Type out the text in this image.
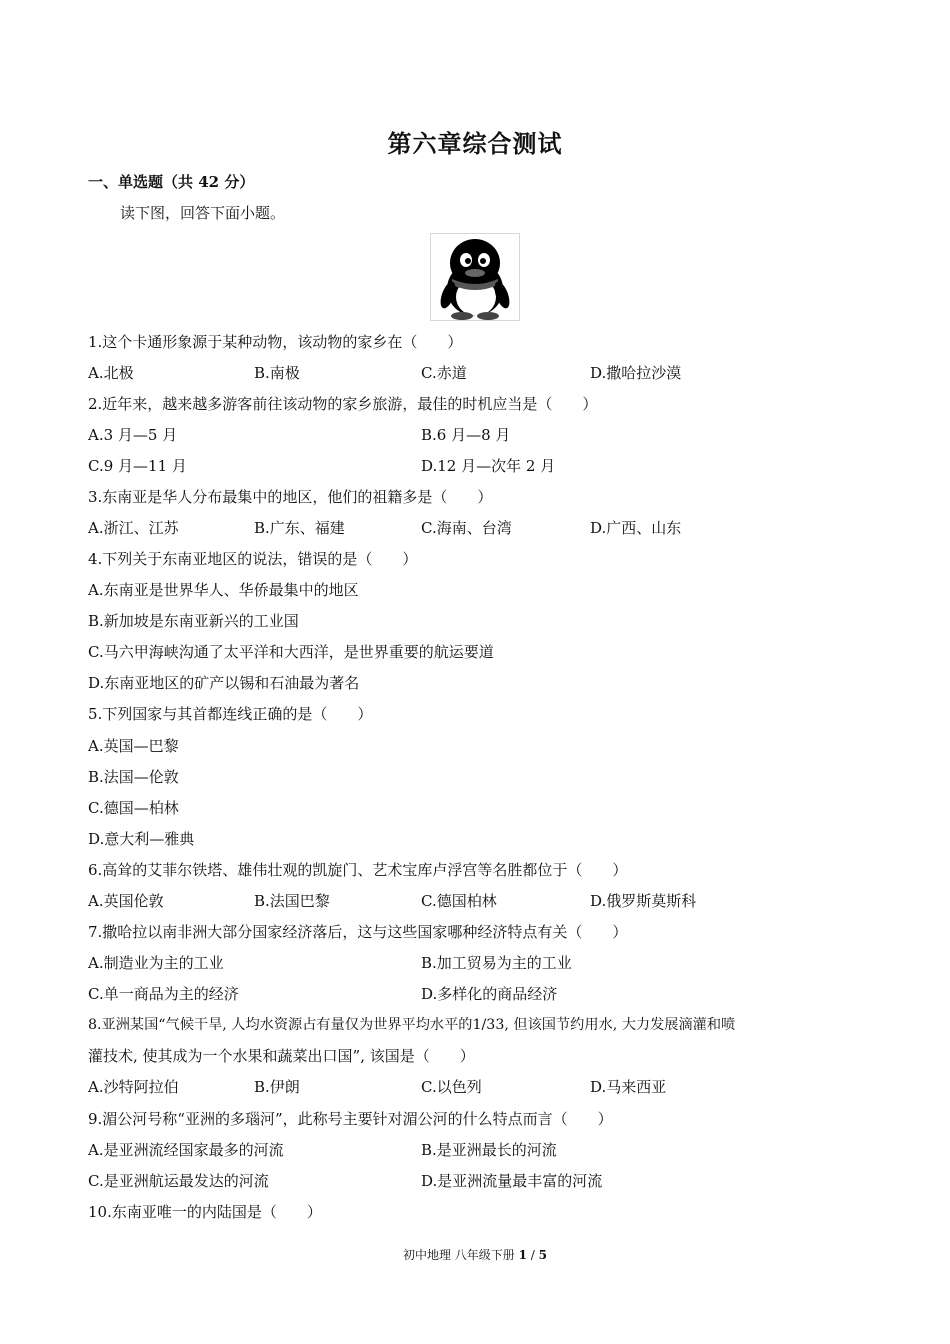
第六章综合测试
一、单选题（共 42 分）
读下图，回答下面小题。
1.这个卡通形象源于某种动物，该动物的家乡在（　　）
A.北极	B.南极	C.赤道	D.撒哈拉沙漠
2.近年来，越来越多游客前往该动物的家乡旅游，最佳的时机应当是（　　）
A.3 月—5 月	B.6 月—8 月
C.9 月—11 月	D.12 月—次年 2 月
3.东南亚是华人分布最集中的地区，他们的祖籍多是（　　）
A.浙江、江苏	B.广东、福建	C.海南、台湾	D.广西、山东
4.下列关于东南亚地区的说法，错误的是（　　）
A.东南亚是世界华人、华侨最集中的地区
B.新加坡是东南亚新兴的工业国
C.马六甲海峡沟通了太平洋和大西洋，是世界重要的航运要道
D.东南亚地区的矿产以锡和石油最为著名
5.下列国家与其首都连线正确的是（　　）
A.英国—巴黎
B.法国—伦敦
C.德国—柏林
D.意大利—雅典
6.高耸的艾菲尔铁塔、雄伟壮观的凯旋门、艺术宝库卢浮宫等名胜都位于（　　）
A.英国伦敦	B.法国巴黎	C.德国柏林	D.俄罗斯莫斯科
7.撒哈拉以南非洲大部分国家经济落后，这与这些国家哪种经济特点有关（　　）
A.制造业为主的工业	B.加工贸易为主的工业
C.单一商品为主的经济	D.多样化的商品经济
8.亚洲某国“气候干旱, 人均水资源占有量仅为世界平均水平的1/33, 但该国节约用水, 大力发展滴灌和喷
灌技术, 使其成为一个水果和蔬菜出口国”, 该国是（　　）
A.沙特阿拉伯	B.伊朗	C.以色列	D.马来西亚
9.湄公河号称“亚洲的多瑙河”，此称号主要针对湄公河的什么特点而言（　　）
A.是亚洲流经国家最多的河流	B.是亚洲最长的河流
C.是亚洲航运最发达的河流	D.是亚洲流量最丰富的河流
10.东南亚唯一的内陆国是（　　）
初中地理 八年级下册 1 / 5
